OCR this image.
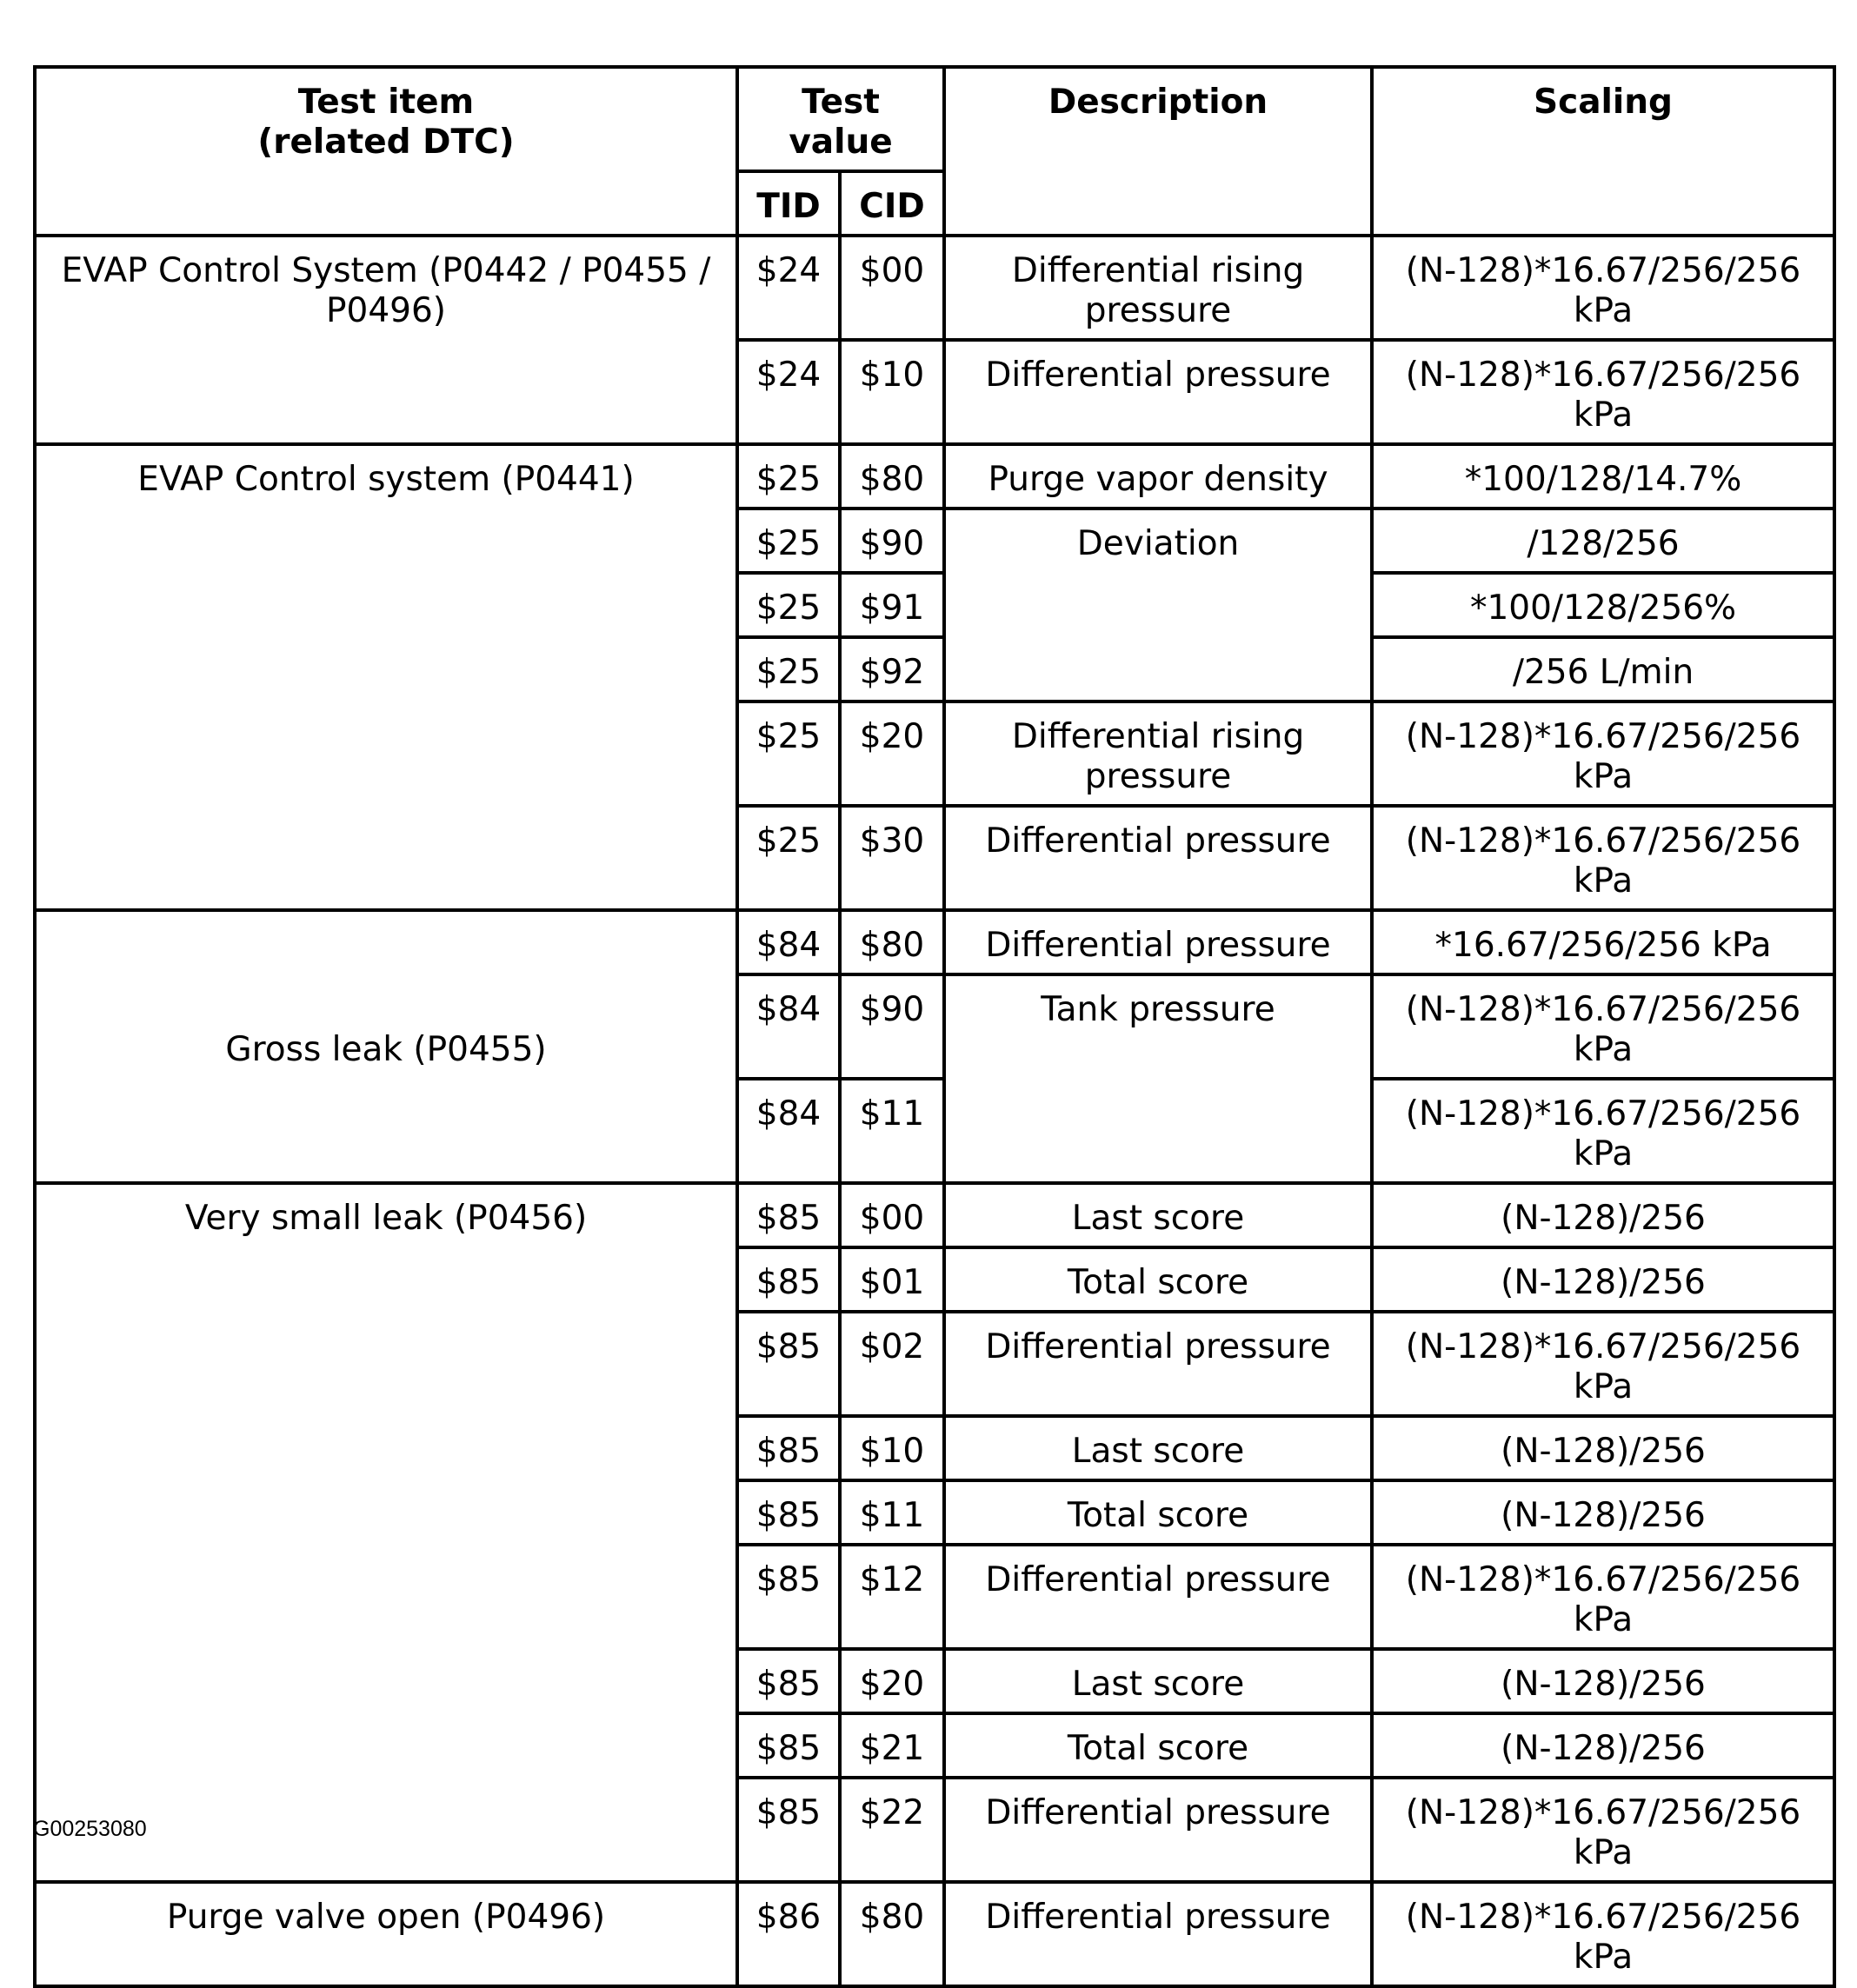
Test item
(related DTC)	Test value		Description	Scaling
	TID	CID		
EVAP Control System (P0442 / P0455 / P0496)	$24	$00	Differential rising pressure	(N-128)*16.67/256/256 kPa
	$24	$10	Differential pressure	(N-128)*16.67/256/256 kPa
EVAP Control system (P0441)	$25	$80	Purge vapor density	*100/128/14.7%
	$25	$90	Deviation	/128/256
	$25	$91		*100/128/256%
	$25	$92		/256 L/min
	$25	$20	Differential rising pressure	(N-128)*16.67/256/256 kPa
	$25	$30	Differential pressure	(N-128)*16.67/256/256 kPa
Gross leak (P0455)	$84	$80	Differential pressure	*16.67/256/256 kPa
	$84	$90	Tank pressure	(N-128)*16.67/256/256 kPa
	$84	$11		(N-128)*16.67/256/256 kPa
Very small leak (P0456)	$85	$00	Last score	(N-128)/256
	$85	$01	Total score	(N-128)/256
	$85	$02	Differential pressure	(N-128)*16.67/256/256 kPa
	$85	$10	Last score	(N-128)/256
	$85	$11	Total score	(N-128)/256
	$85	$12	Differential pressure	(N-128)*16.67/256/256 kPa
	$85	$20	Last score	(N-128)/256
	$85	$21	Total score	(N-128)/256
	$85	$22	Differential pressure	(N-128)*16.67/256/256 kPa
Purge valve open (P0496)	$86	$80	Differential pressure	(N-128)*16.67/256/256 kPa
G00253080
